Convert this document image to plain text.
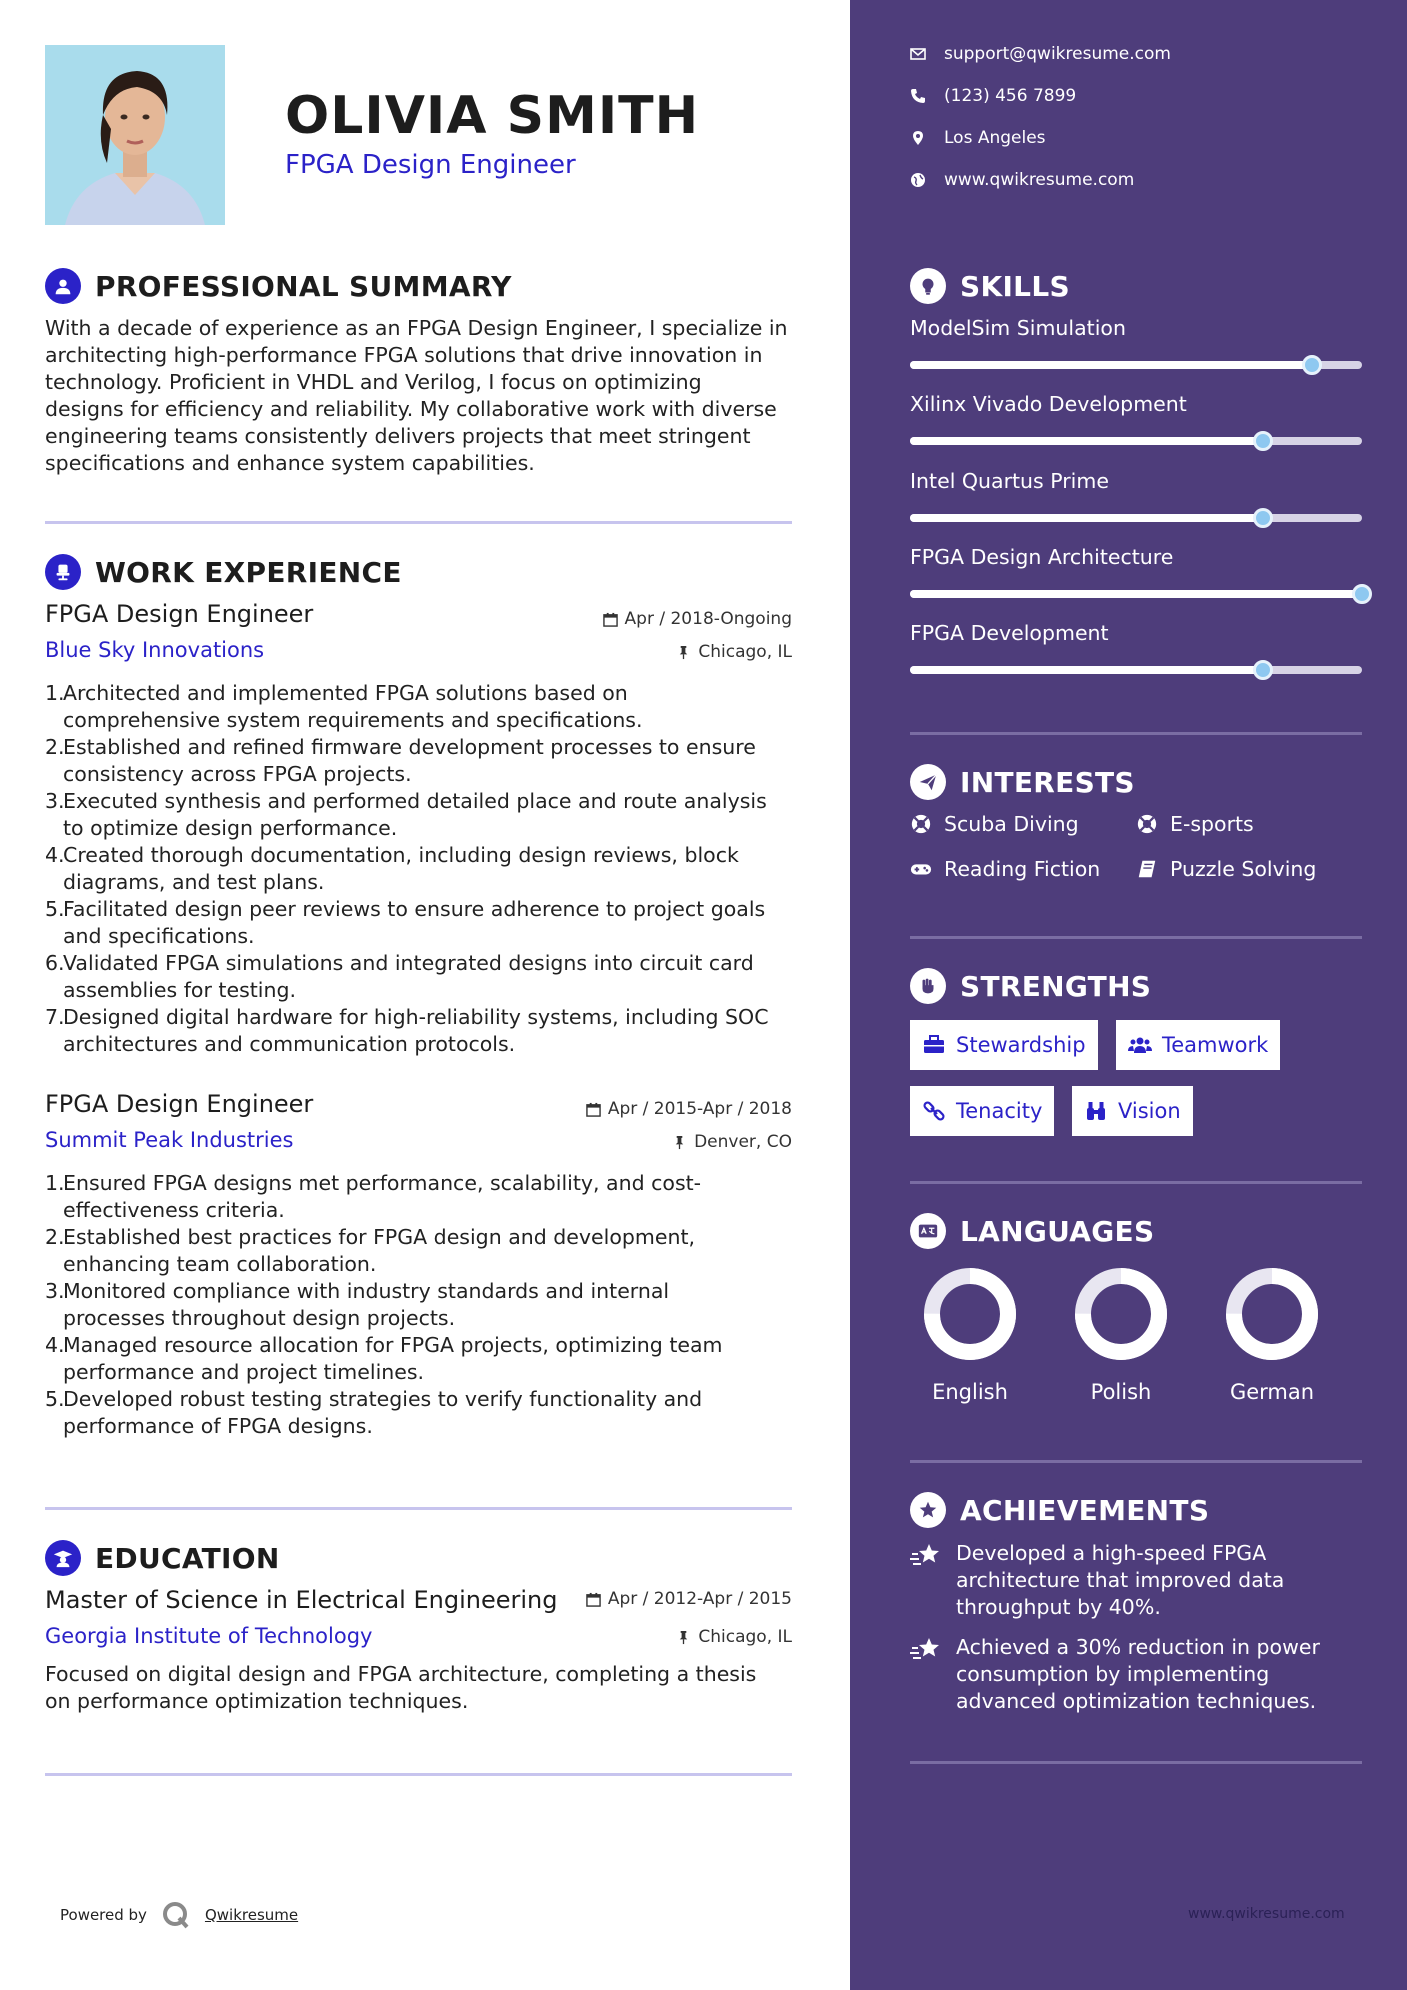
OLIVIA SMITH
FPGA Design Engineer
PROFESSIONAL SUMMARY
With a decade of experience as an FPGA Design Engineer, I specialize in
architecting high-performance FPGA solutions that drive innovation in
technology. Proficient in VHDL and Verilog, I focus on optimizing
designs for efficiency and reliability. My collaborative work with diverse
engineering teams consistently delivers projects that meet stringent
specifications and enhance system capabilities.
WORK EXPERIENCE
FPGA Design Engineer	Apr / 2018-Ongoing
Blue Sky Innovations	Chicago, IL
1.
Architected and implemented FPGA solutions based on
comprehensive system requirements and specifications.
2.
Established and refined firmware development processes to ensure
consistency across FPGA projects.
3.
Executed synthesis and performed detailed place and route analysis
to optimize design performance.
4.
Created thorough documentation, including design reviews, block
diagrams, and test plans.
5.
Facilitated design peer reviews to ensure adherence to project goals
and specifications.
6.
Validated FPGA simulations and integrated designs into circuit card
assemblies for testing.
7.
Designed digital hardware for high-reliability systems, including SOC
architectures and communication protocols.
FPGA Design Engineer	Apr / 2015-Apr / 2018
Summit Peak Industries	Denver, CO
1.
Ensured FPGA designs met performance, scalability, and cost-
effectiveness criteria.
2.
Established best practices for FPGA design and development,
enhancing team collaboration.
3.
Monitored compliance with industry standards and internal
processes throughout design projects.
4.
Managed resource allocation for FPGA projects, optimizing team
performance and project timelines.
5.
Developed robust testing strategies to verify functionality and
performance of FPGA designs.
EDUCATION
Master of Science in Electrical Engineering	Apr / 2012-Apr / 2015
Georgia Institute of Technology	Chicago, IL
Focused on digital design and FPGA architecture, completing a thesis
on performance optimization techniques.
Powered by	Qwikresume
support@qwikresume.com
(123) 456 7899
Los Angeles
www.qwikresume.com
SKILLS
ModelSim Simulation
Xilinx Vivado Development
Intel Quartus Prime
FPGA Design Architecture
FPGA Development
INTERESTS
Scuba Diving	E-sports
Reading Fiction	Puzzle Solving
STRENGTHS
Stewardship	Teamwork
Tenacity	Vision
LANGUAGES
English	Polish	German
ACHIEVEMENTS
Developed a high-speed FPGA
architecture that improved data
throughput by 40%.
Achieved a 30% reduction in power
consumption by implementing
advanced optimization techniques.
www.qwikresume.com
